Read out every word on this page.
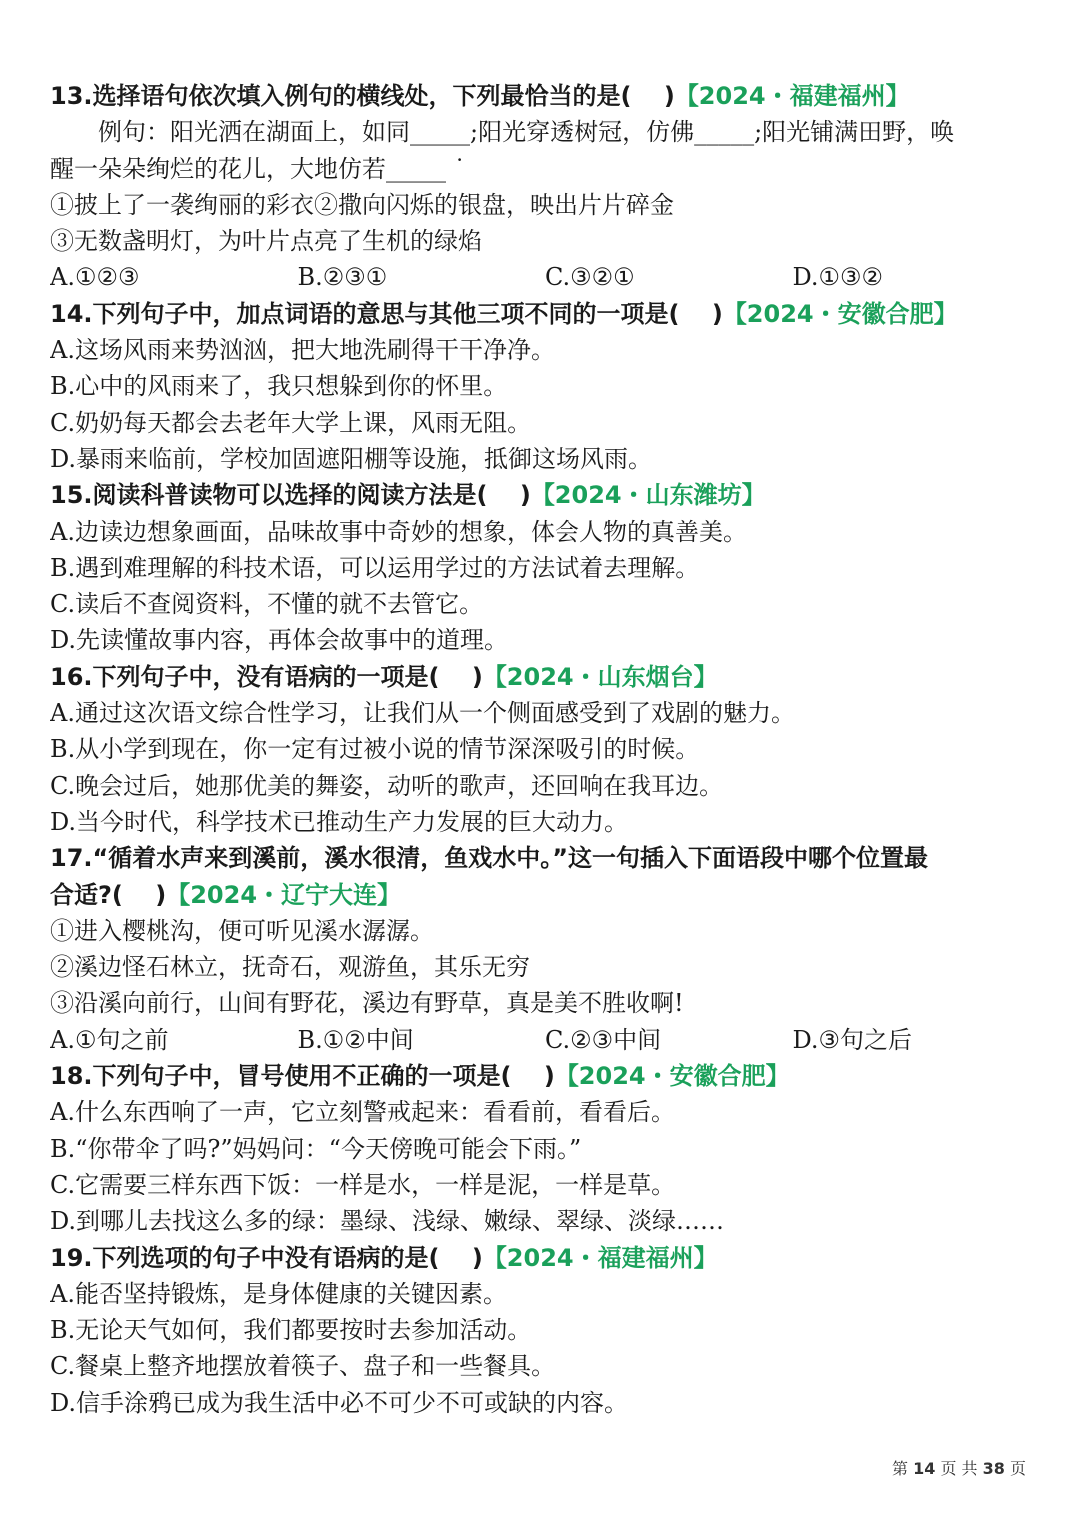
13.选择语句依次填入例句的横线处，下列最恰当的是(　 )【2024・福建福州】
例句：阳光洒在湖面上，如同_____;阳光穿透树冠，仿佛_____;阳光铺满田野，唤
醒一朵朵绚烂的花儿，大地仿若_____ ˙
①披上了一袭绚丽的彩衣②撒向闪烁的银盘，映出片片碎金
③无数盏明灯，为叶片点亮了生机的绿焰
A.①②③	B.②③①	C.③②①	D.①③②
14.下列句子中，加点词语的意思与其他三项不同的一项是(　 )【2024・安徽合肥】
A.这场风雨来势汹汹，把大地洗刷得干干净净。
B.心中的风雨来了，我只想躲到你的怀里。
C.奶奶每天都会去老年大学上课，风雨无阻。
D.暴雨来临前，学校加固遮阳棚等设施，抵御这场风雨。
15.阅读科普读物可以选择的阅读方法是(　 )【2024・山东潍坊】
A.边读边想象画面，品味故事中奇妙的想象，体会人物的真善美。
B.遇到难理解的科技术语，可以运用学过的方法试着去理解。
C.读后不查阅资料，不懂的就不去管它。
D.先读懂故事内容，再体会故事中的道理。
16.下列句子中，没有语病的一项是(　 )【2024・山东烟台】
A.通过这次语文综合性学习，让我们从一个侧面感受到了戏剧的魅力。
B.从小学到现在，你一定有过被小说的情节深深吸引的时候。
C.晚会过后，她那优美的舞姿，动听的歌声，还回响在我耳边。
D.当今时代，科学技术已推动生产力发展的巨大动力。
17.“循着水声来到溪前，溪水很清，鱼戏水中。”这一句插入下面语段中哪个位置最
合适?(　 )【2024・辽宁大连】
①进入樱桃沟，便可听见溪水潺潺。
②溪边怪石林立，抚奇石，观游鱼，其乐无穷
③沿溪向前行，山间有野花，溪边有野草，真是美不胜收啊!
A.①句之前	B.①②中间	C.②③中间	D.③句之后
18.下列句子中，冒号使用不正确的一项是(　 )【2024・安徽合肥】
A.什么东西响了一声，它立刻警戒起来：看看前，看看后。
B.“你带伞了吗?”妈妈问：“今天傍晚可能会下雨。”
C.它需要三样东西下饭：一样是水，一样是泥，一样是草。
D.到哪儿去找这么多的绿：墨绿、浅绿、嫩绿、翠绿、淡绿……
19.下列选项的句子中没有语病的是(　 )【2024・福建福州】
A.能否坚持锻炼，是身体健康的关键因素。
B.无论天气如何，我们都要按时去参加活动。
C.餐桌上整齐地摆放着筷子、盘子和一些餐具。
D.信手涂鸦已成为我生活中必不可少不可或缺的内容。
第 14 页 共 38 页
